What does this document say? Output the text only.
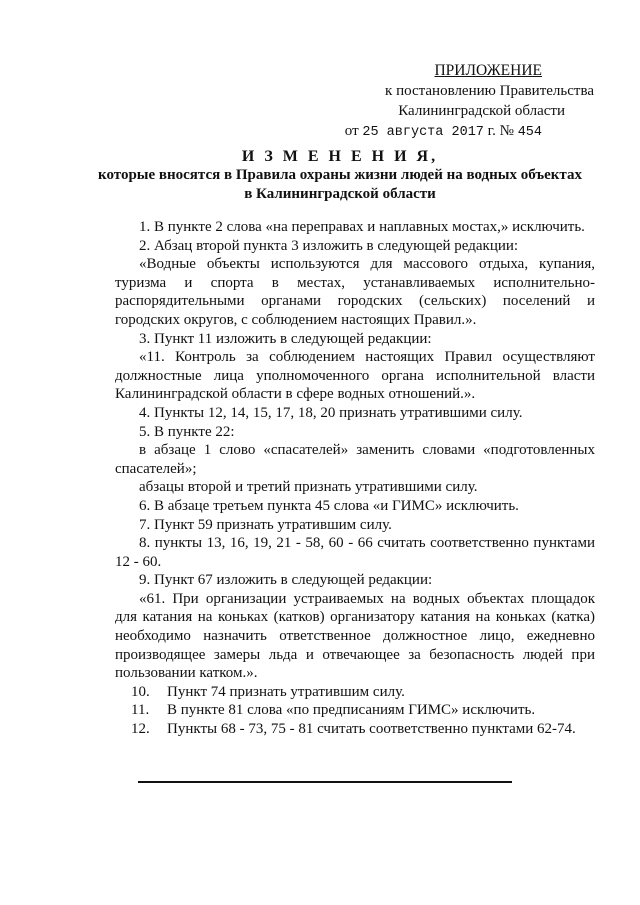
ПРИЛОЖЕНИЕ
к постановлению Правительства
Калининградской области
от 25 августа 2017 г. № 454
И З М Е Н Е Н И Я,
которые вносятся в Правила охраны жизни людей на водных объектах
в Калининградской области

1. В пункте 2 слова «на переправах и наплавных мостах,» исключить.

2. Абзац второй пункта 3 изложить в следующей редакции:

«Водные объекты используются для массового отдыха, купания, туризма и спорта в местах, устанавливаемых исполнительно-распорядительными органами городских (сельских) поселений и городских округов, с соблюдением настоящих Правил.».

3. Пункт 11 изложить в следующей редакции:

«11. Контроль за соблюдением настоящих Правил осуществляют должностные лица уполномоченного органа исполнительной власти Калининградской области в сфере водных отношений.».

4. Пункты 12, 14, 15, 17, 18, 20 признать утратившими силу.

5. В пункте 22:

в абзаце 1 слово «спасателей» заменить словами «подготовленных спасателей»;

абзацы второй и третий признать утратившими силу.

6. В абзаце третьем пункта 45 слова «и ГИМС» исключить.

7. Пункт 59 признать утратившим силу.

8. пункты 13, 16, 19, 21 - 58, 60 - 66 считать соответственно пунктами 12 - 60.

9. Пункт 67 изложить в следующей редакции:

«61. При организации устраиваемых на водных объектах площадок для катания на коньках (катков) организатору катания на коньках (катка) необходимо назначить ответственное должностное лицо, ежедневно производящее замеры льда и отвечающее за безопасность людей при пользовании катком.».

10.	Пункт 74 признать утратившим силу.
11.	В пункте 81 слова «по предписаниям ГИМС» исключить.
12.	Пункты 68 - 73, 75 - 81 считать соответственно пунктами 62-74.
